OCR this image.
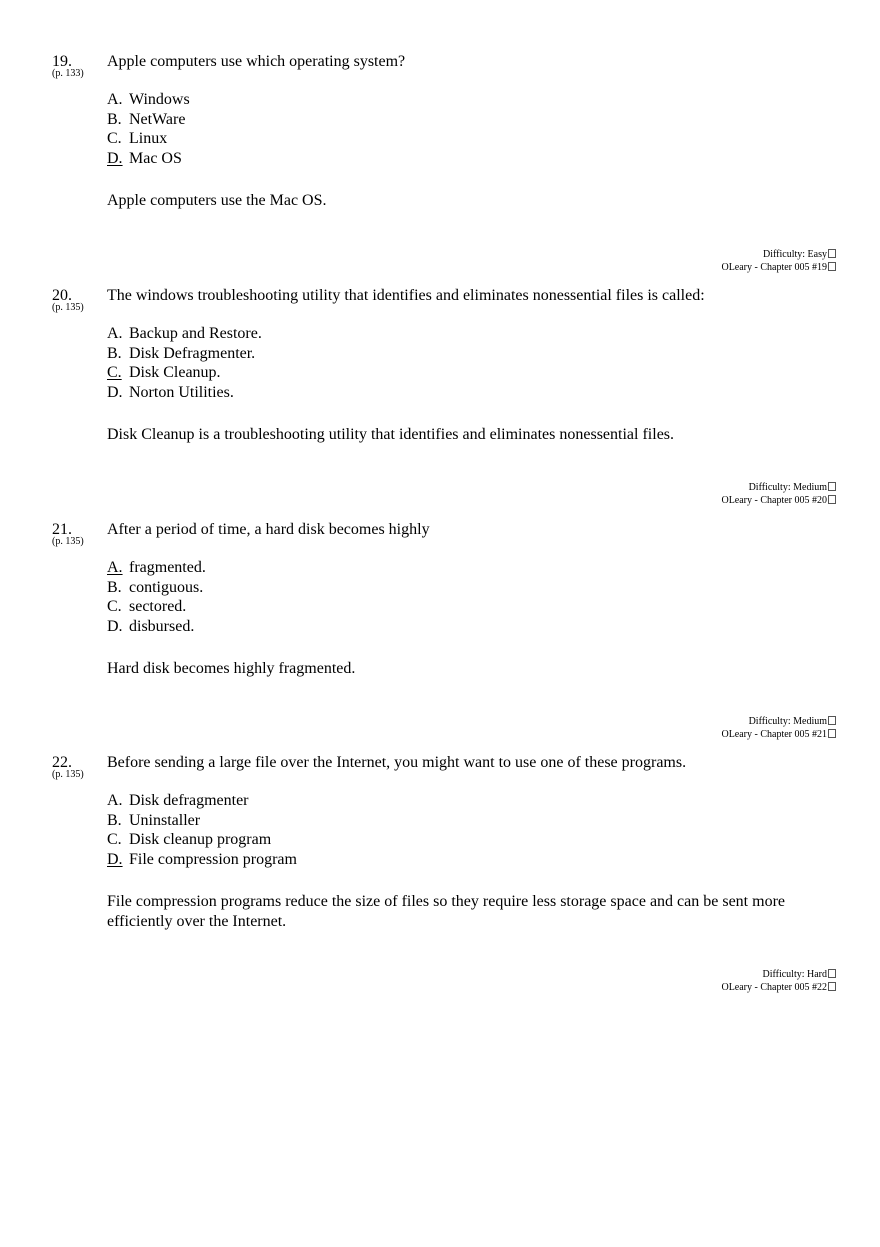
19.
(p. 133)
Apple computers use which operating system?
A. Windows
B. NetWare
C. Linux
D. Mac OS
Apple computers use the Mac OS.
Difficulty: Easy
OLeary - Chapter 005 #19
20.
(p. 135)
The windows troubleshooting utility that identifies and eliminates nonessential files is called:
A. Backup and Restore.
B. Disk Defragmenter.
C. Disk Cleanup.
D. Norton Utilities.
Disk Cleanup is a troubleshooting utility that identifies and eliminates nonessential files.
Difficulty: Medium
OLeary - Chapter 005 #20
21.
(p. 135)
After a period of time, a hard disk becomes highly
A. fragmented.
B. contiguous.
C. sectored.
D. disbursed.
Hard disk becomes highly fragmented.
Difficulty: Medium
OLeary - Chapter 005 #21
22.
(p. 135)
Before sending a large file over the Internet, you might want to use one of these programs.
A. Disk defragmenter
B. Uninstaller
C. Disk cleanup program
D. File compression program
File compression programs reduce the size of files so they require less storage space and can be sent more efficiently over the Internet.
Difficulty: Hard
OLeary - Chapter 005 #22
